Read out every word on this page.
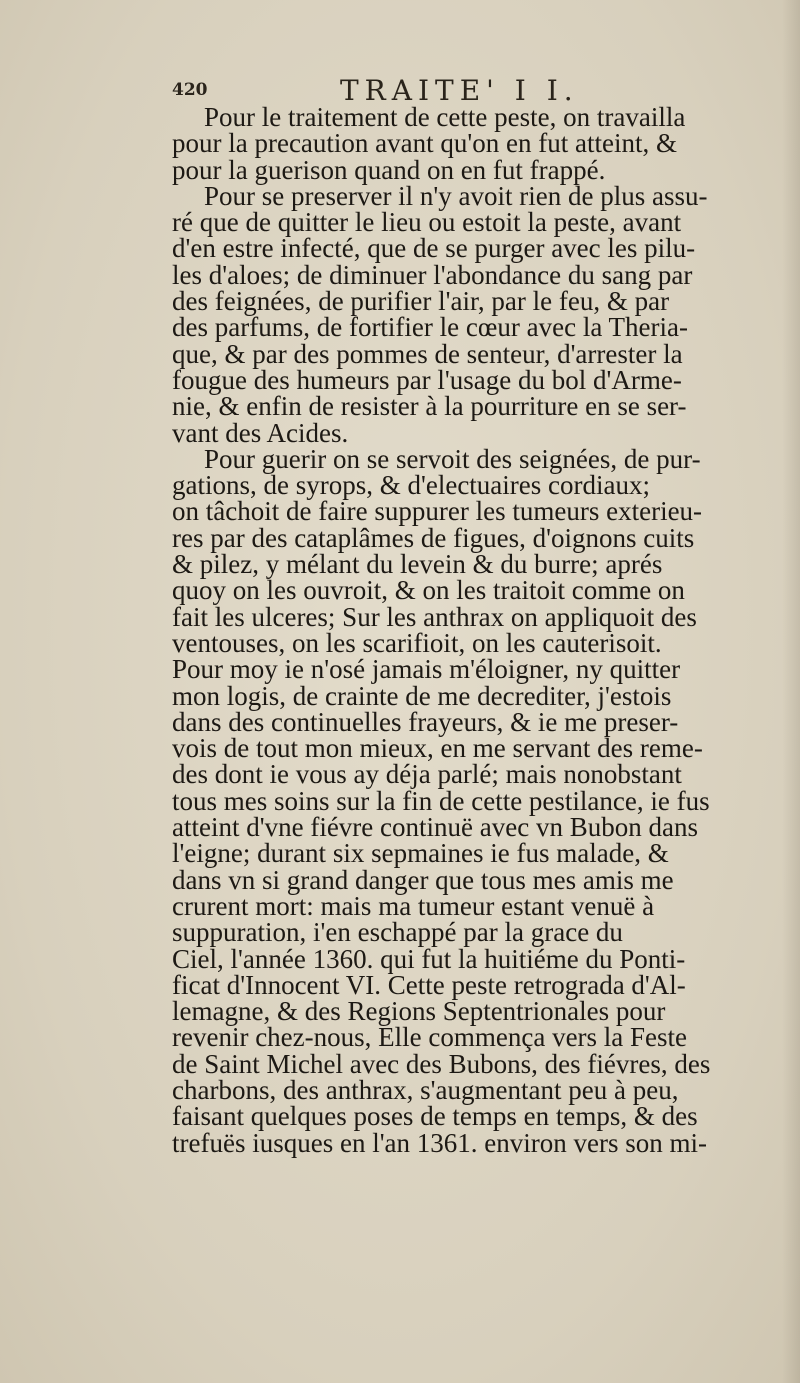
420	TRAITE' I I.
Pour le traitement de cette peste, on travailla
pour la precaution avant qu'on en fut atteint, &
pour la guerison quand on en fut frappé.
Pour se preserver il n'y avoit rien de plus assu-
ré que de quitter le lieu ou estoit la peste, avant
d'en estre infecté, que de se purger avec les pilu-
les d'aloes; de diminuer l'abondance du sang par
des feignées, de purifier l'air, par le feu, & par
des parfums, de fortifier le cœur avec la Theria-
que, & par des pommes de senteur, d'arrester la
fougue des humeurs par l'usage du bol d'Arme-
nie, & enfin de resister à la pourriture en se ser-
vant des Acides.
Pour guerir on se servoit des seignées, de pur-
gations, de syrops, & d'electuaires cordiaux;
on tâchoit de faire suppurer les tumeurs exterieu-
res par des cataplâmes de figues, d'oignons cuits
& pilez, y mélant du levein & du burre; aprés
quoy on les ouvroit, & on les traitoit comme on
fait les ulceres; Sur les anthrax on appliquoit des
ventouses, on les scarifioit, on les cauterisoit.
Pour moy ie n'osé jamais m'éloigner, ny quitter
mon logis, de crainte de me decrediter, j'estois
dans des continuelles frayeurs, & ie me preser-
vois de tout mon mieux, en me servant des reme-
des dont ie vous ay déja parlé; mais nonobstant
tous mes soins sur la fin de cette pestilance, ie fus
atteint d'vne fiévre continuë avec vn Bubon dans
l'eigne; durant six sepmaines ie fus malade, &
dans vn si grand danger que tous mes amis me
crurent mort: mais ma tumeur estant venuë à
suppuration, i'en eschappé par la grace du
Ciel, l'année 1360. qui fut la huitiéme du Ponti-
ficat d'Innocent VI. Cette peste retrograda d'Al-
lemagne, & des Regions Septentrionales pour
revenir chez-nous, Elle commença vers la Feste
de Saint Michel avec des Bubons, des fiévres, des
charbons, des anthrax, s'augmentant peu à peu,
faisant quelques poses de temps en temps, & des
trefuës iusques en l'an 1361. environ vers son mi-
